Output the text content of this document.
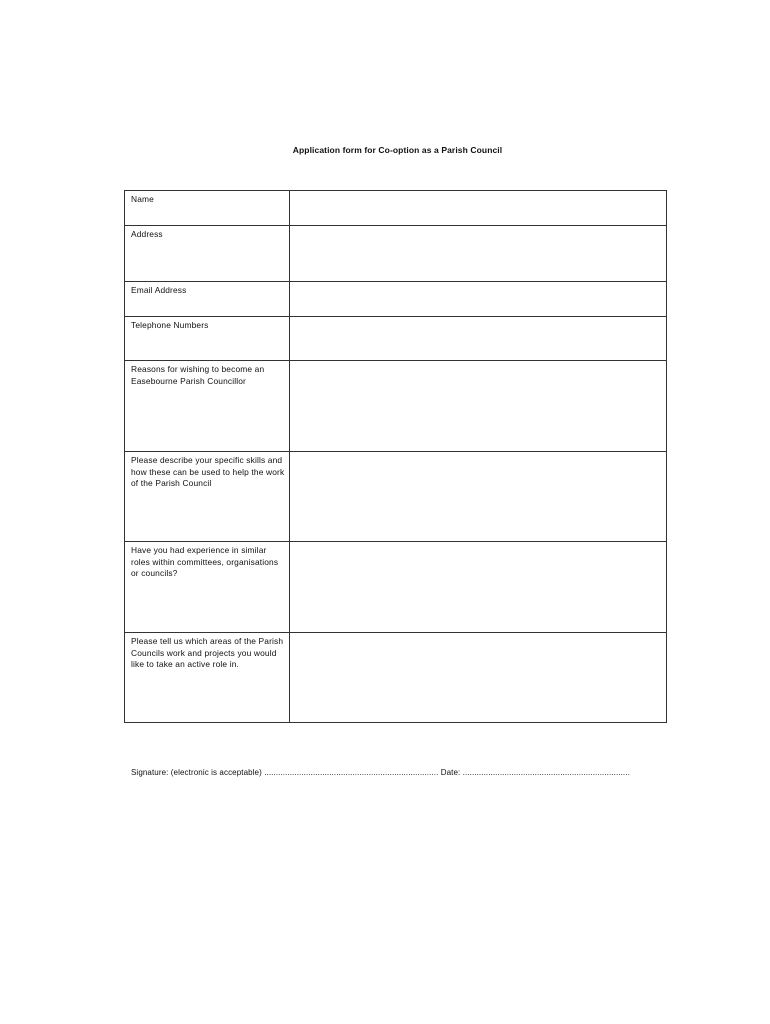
Application form for Co-option as a Parish Council
Name	

Address	

Email Address	

Telephone Numbers	

Reasons for wishing to become an Easebourne Parish Councillor	

Please describe your specific skills and how these can be used to help the work of the Parish Council	

Have you had experience in similar roles within committees, organisations or councils?	

Please tell us which areas of the Parish Councils work and projects you would like to take an active role in.	

Signature: (electronic is acceptable) ........................................................................... Date: ........................................................................
